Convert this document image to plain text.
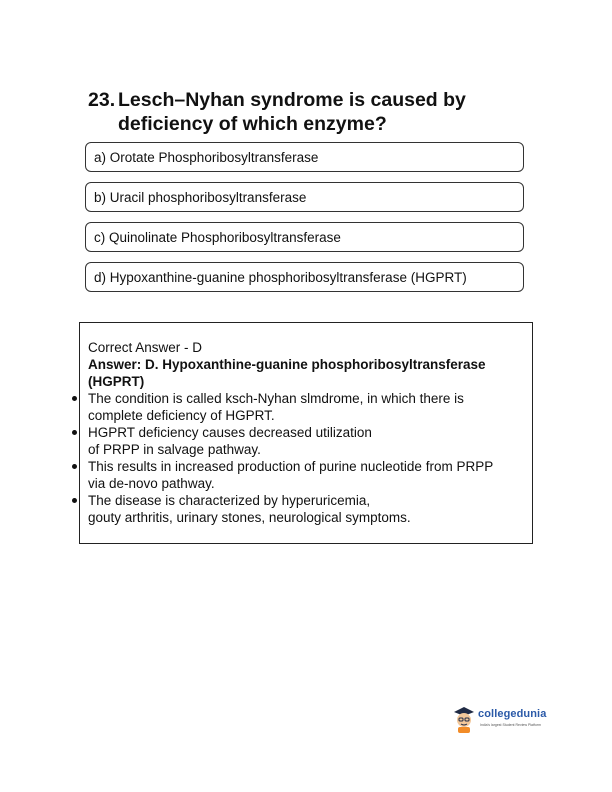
23. Lesch–Nyhan syndrome is caused by
deficiency of which enzyme?
a) Orotate Phosphoribosyltransferase
b) Uracil phosphoribosyltransferase
c) Quinolinate Phosphoribosyltransferase
d) Hypoxanthine-guanine phosphoribosyltransferase (HGPRT)
Correct Answer - D
Answer: D. Hypoxanthine-guanine phosphoribosyltransferase
(HGPRT)
The condition is called ksch-Nyhan slmdrome, in which there is
complete deficiency of HGPRT.
HGPRT deficiency causes decreased utilization
of PRPP in salvage pathway.
This results in increased production of purine nucleotide from PRPP
via de-novo pathway.
The disease is characterized by hyperuricemia,
gouty arthritis, urinary stones, neurological symptoms.
collegedunia
India's largest Student Review Platform
